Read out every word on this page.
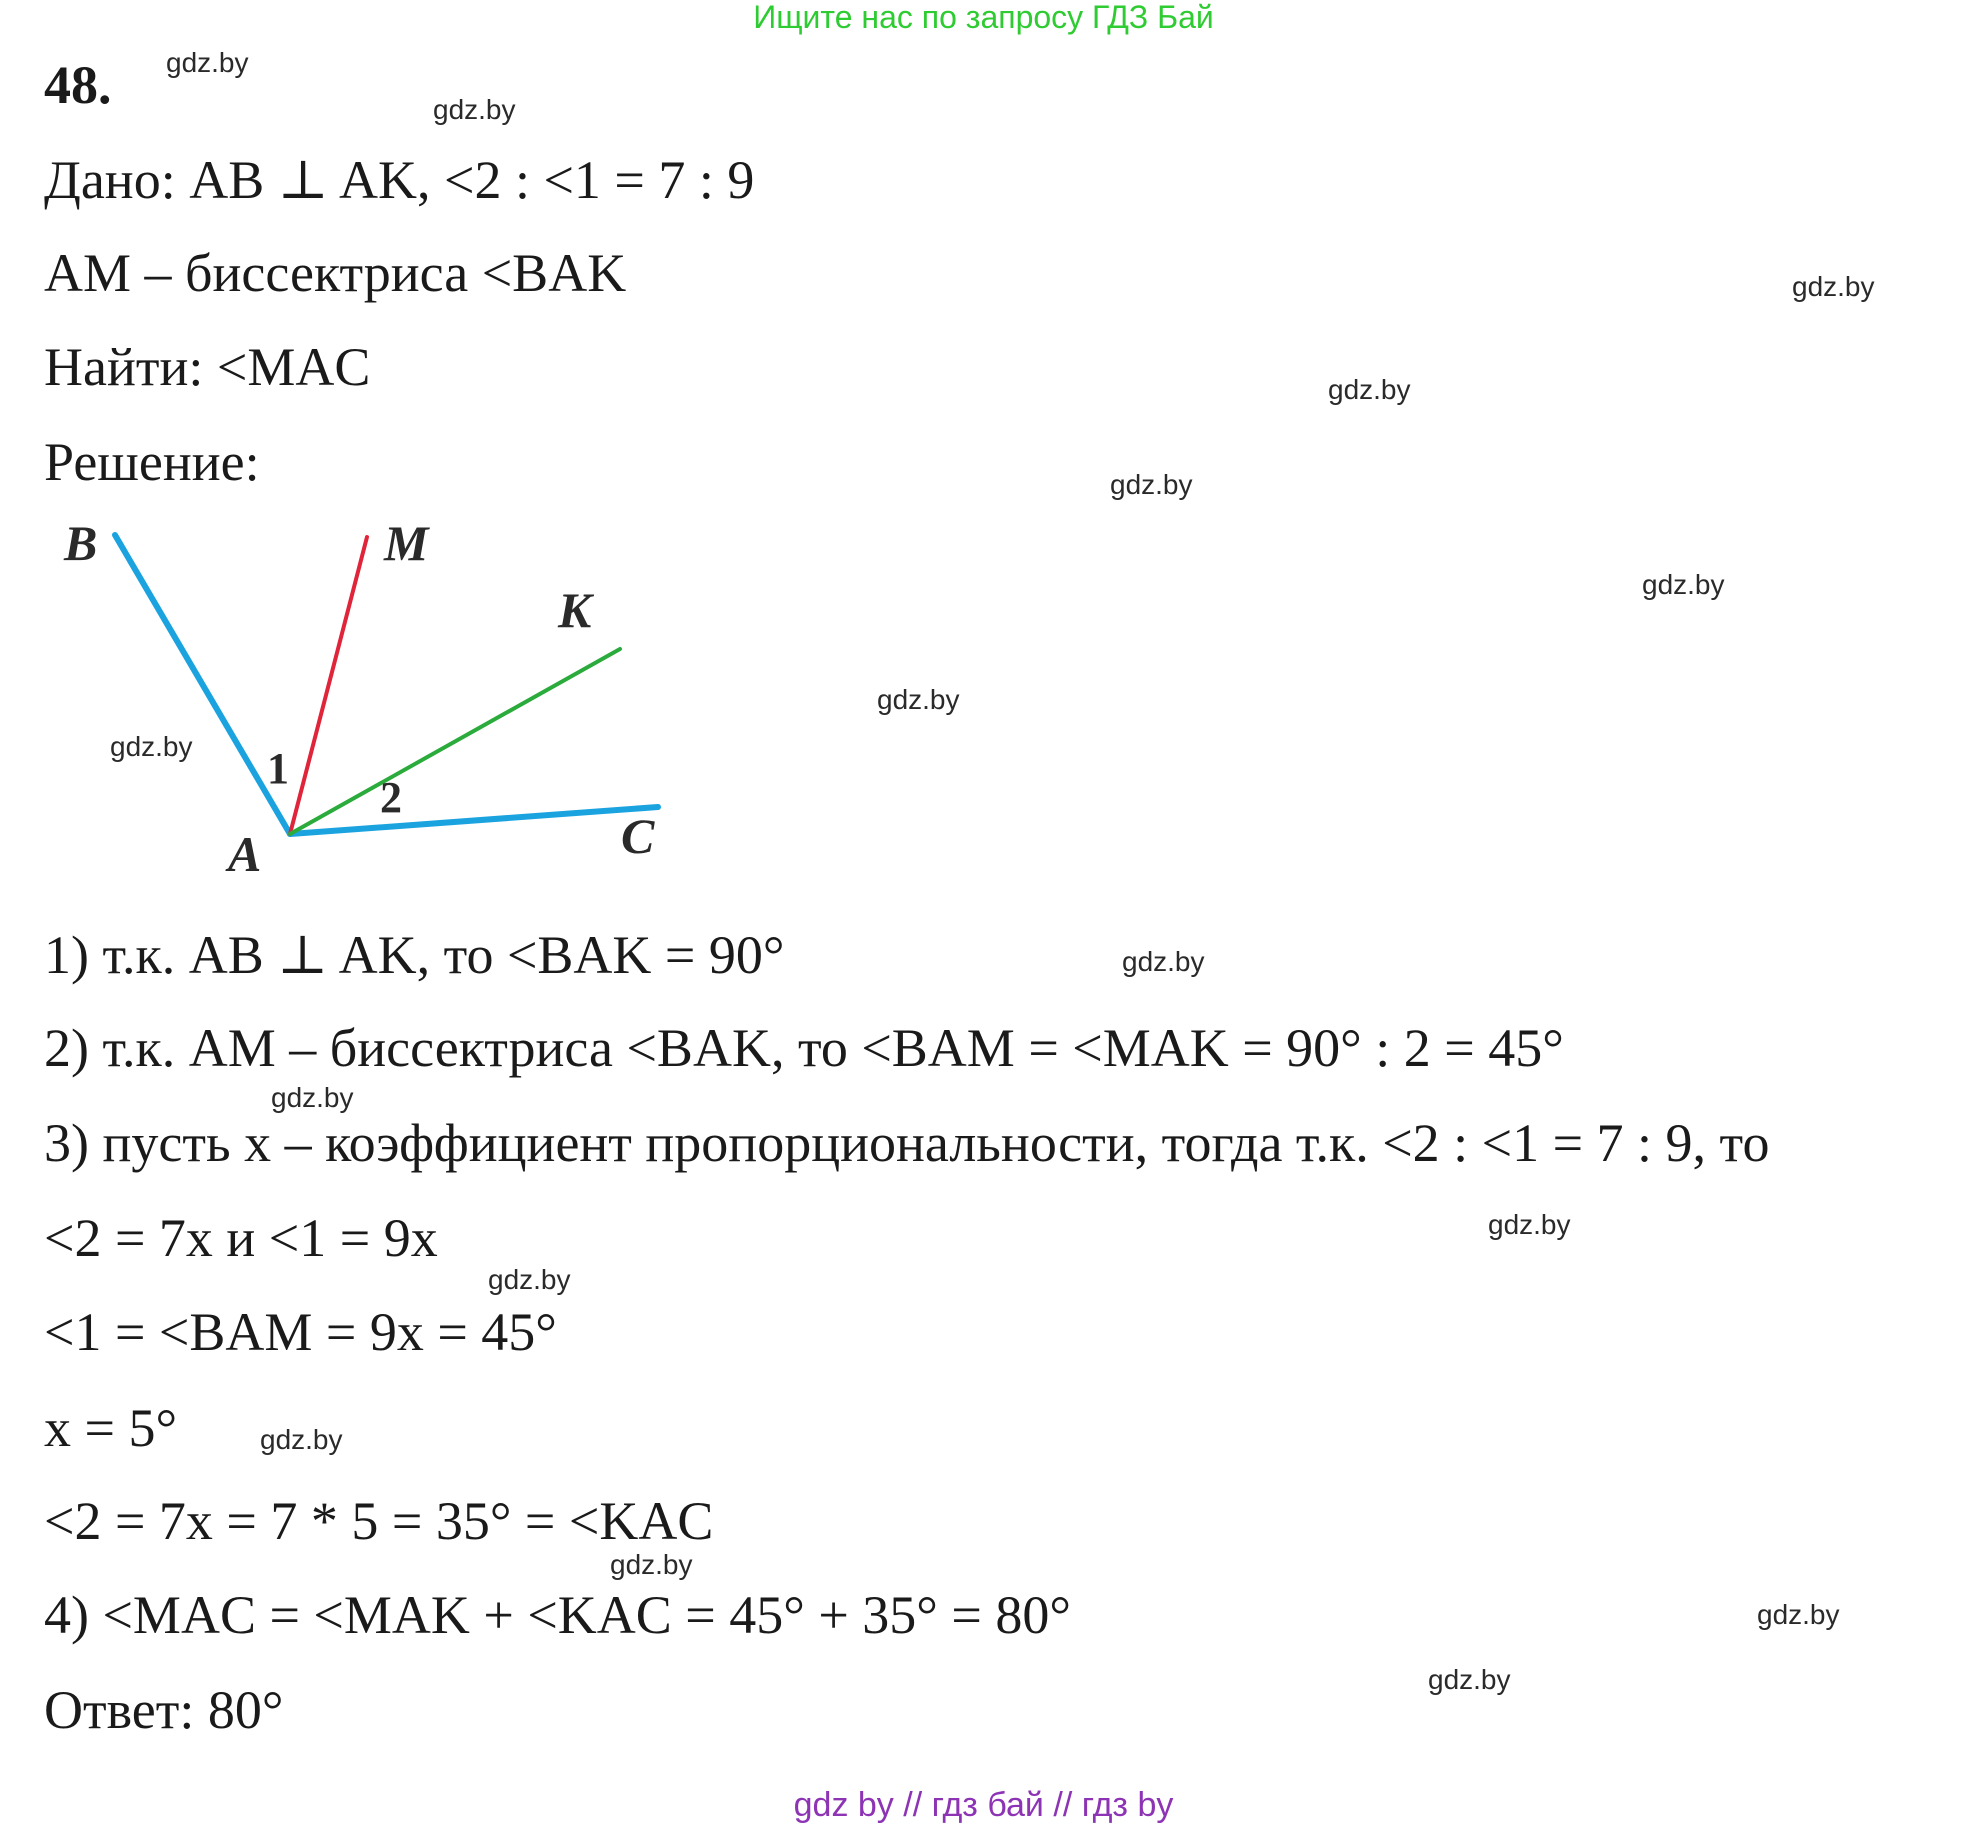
Ищите нас по запросу ГДЗ Бай
48.
Дано: AB ⊥ AK, <2 : <1 = 7 : 9
AM – биссектриса <BAK
Найти: <MAC
Решение:
B	M
K
C
A
1
2
1) т.к. AB ⊥ AK, то <BAK = 90°
2) т.к. AM – биссектриса <BAK, то <BAM = <MAK = 90° : 2 = 45°
3) пусть x – коэффициент пропорциональности, тогда т.к. <2 : <1 = 7 : 9, то
<2 = 7x и <1 = 9x
<1 = <BAM = 9x = 45°
x = 5°
<2 = 7x = 7 * 5 = 35° = <KAC
4) <MAC = <MAK + <KAC = 45° + 35° = 80°
Ответ: 80°
gdz.by
gdz.by
gdz.by
gdz.by
gdz.by
gdz.by
gdz.by
gdz.by
gdz.by
gdz.by
gdz.by
gdz.by
gdz.by
gdz.by
gdz.by
gdz.by
gdz by // гдз бай // гдз by
